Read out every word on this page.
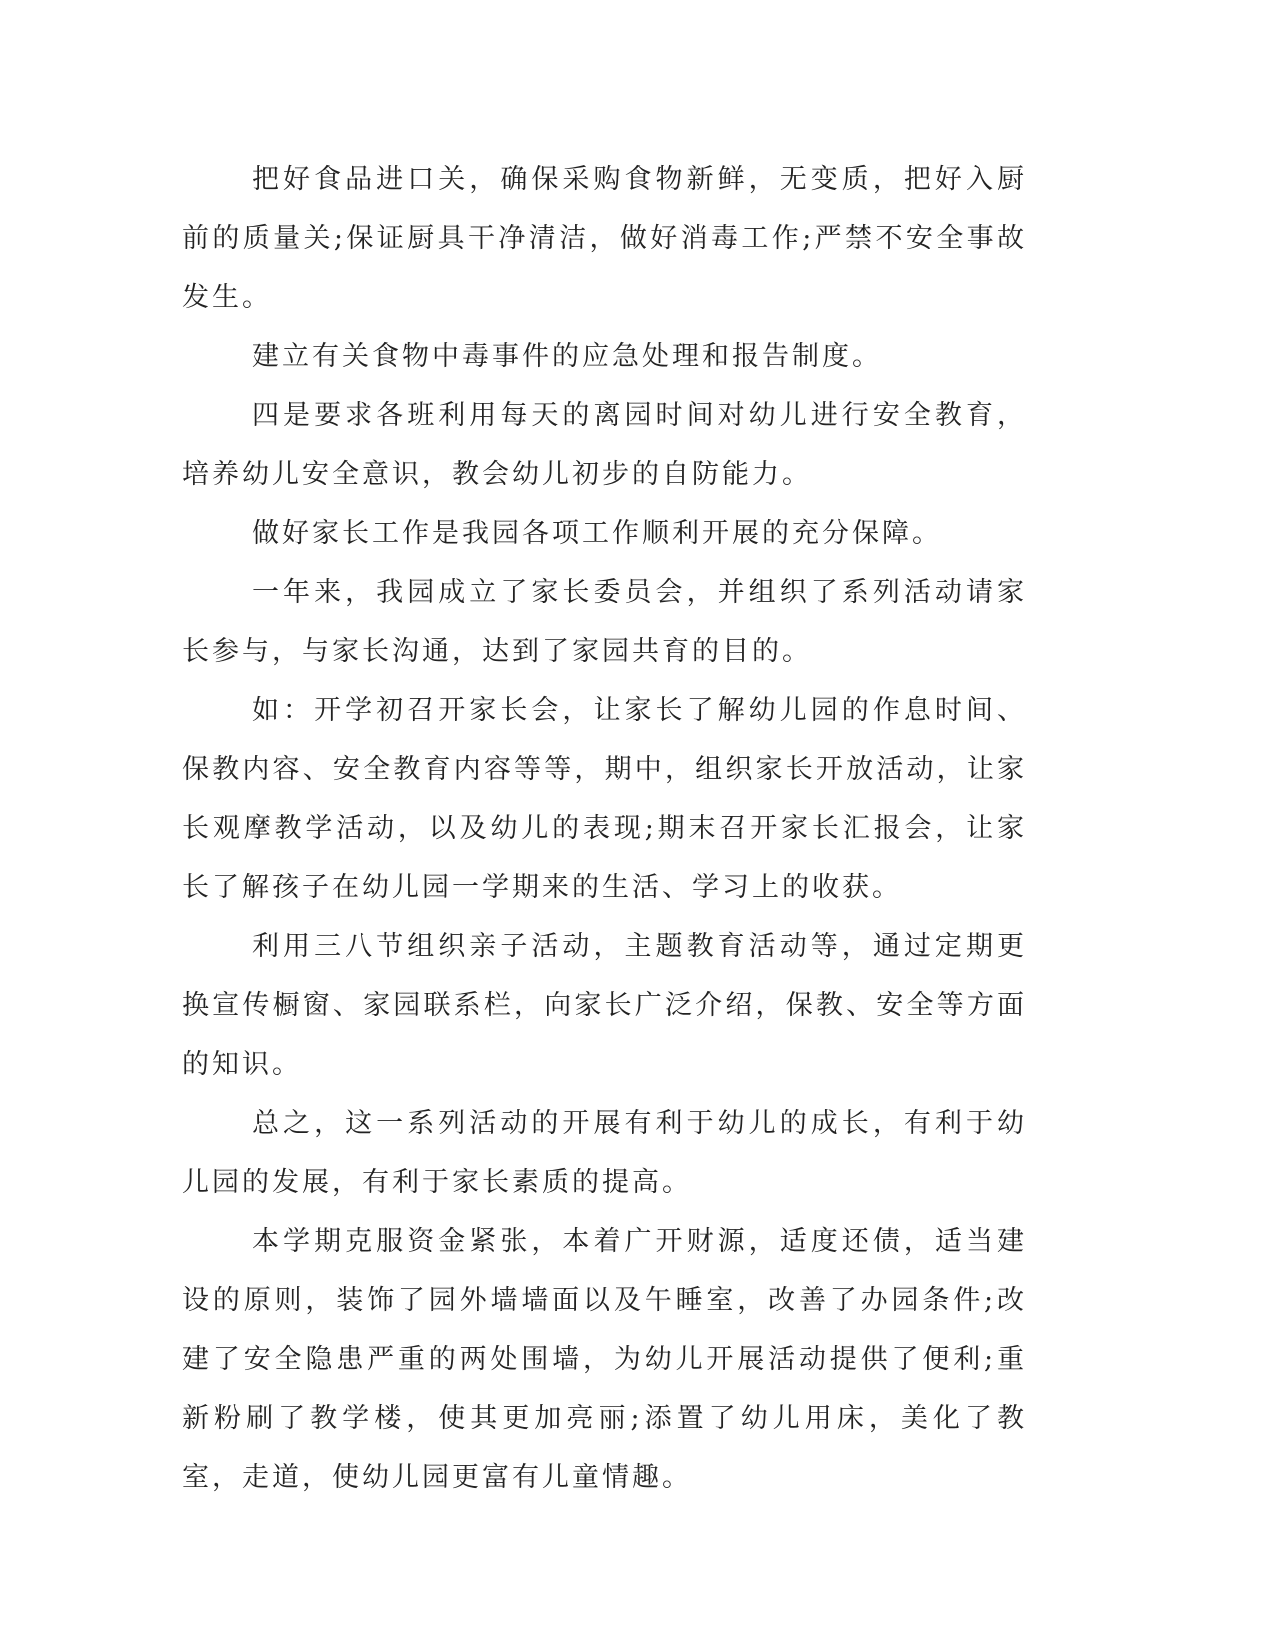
把好食品进口关，确保采购食物新鲜，无变质，把好入厨前的质量关;保证厨具干净清洁，做好消毒工作;严禁不安全事故发生。

建立有关食物中毒事件的应急处理和报告制度。

四是要求各班利用每天的离园时间对幼儿进行安全教育，培养幼儿安全意识，教会幼儿初步的自防能力。

做好家长工作是我园各项工作顺利开展的充分保障。

一年来，我园成立了家长委员会，并组织了系列活动请家长参与，与家长沟通，达到了家园共育的目的。

如：开学初召开家长会，让家长了解幼儿园的作息时间、保教内容、安全教育内容等等，期中，组织家长开放活动，让家长观摩教学活动，以及幼儿的表现;期末召开家长汇报会，让家长了解孩子在幼儿园一学期来的生活、学习上的收获。

利用三八节组织亲子活动，主题教育活动等，通过定期更换宣传橱窗、家园联系栏，向家长广泛介绍，保教、安全等方面的知识。

总之，这一系列活动的开展有利于幼儿的成长，有利于幼儿园的发展，有利于家长素质的提高。

本学期克服资金紧张，本着广开财源，适度还债，适当建设的原则，装饰了园外墙墙面以及午睡室，改善了办园条件;改建了安全隐患严重的两处围墙，为幼儿开展活动提供了便利;重新粉刷了教学楼，使其更加亮丽;添置了幼儿用床，美化了教室，走道，使幼儿园更富有儿童情趣。
